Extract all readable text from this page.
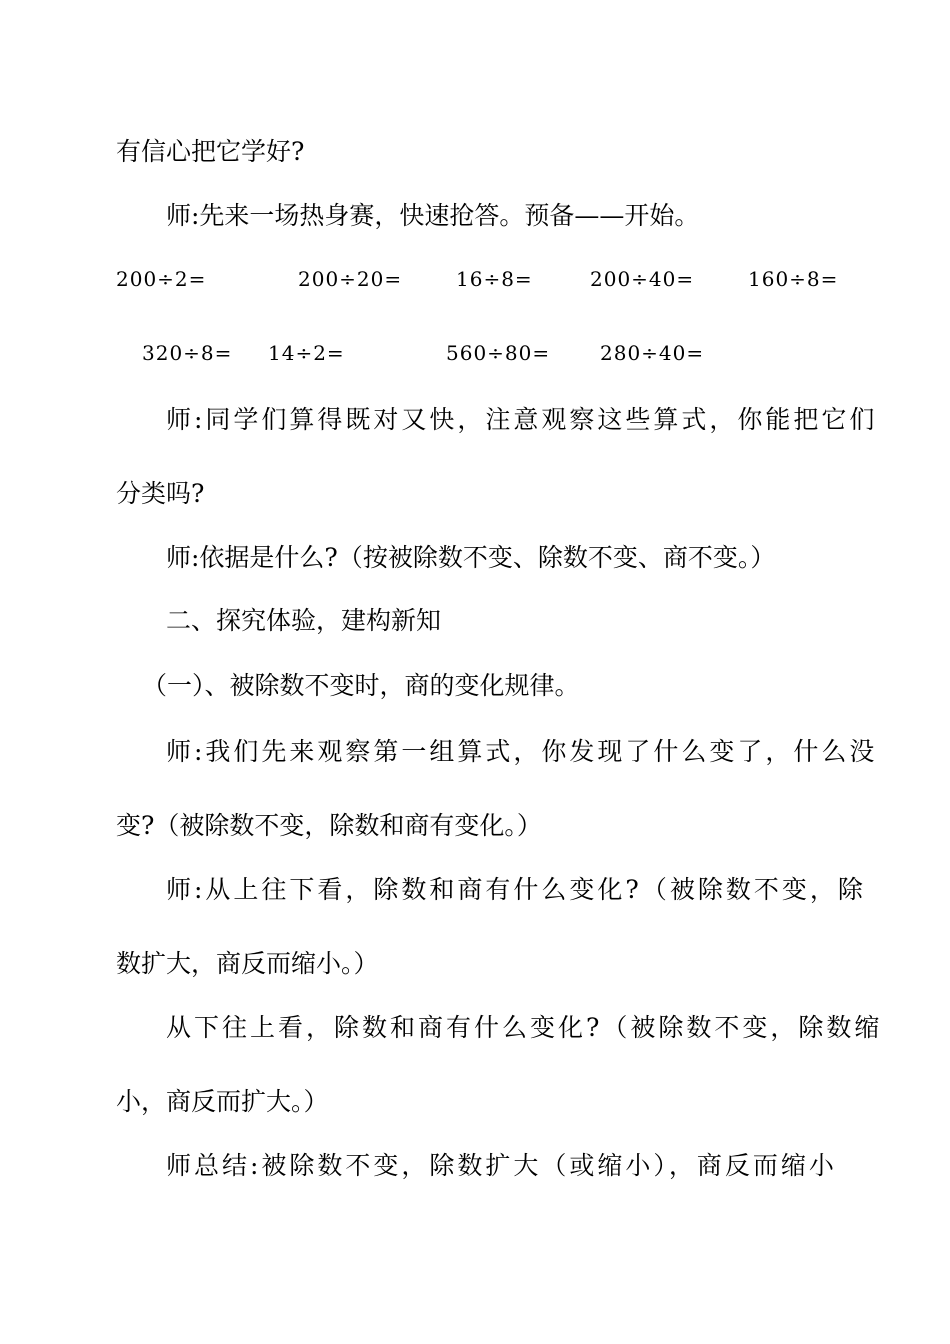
有信心把它学好?

师:先来一场热身赛，快速抢答。预备——开始。

200÷2=	200÷20=	16÷8=	200÷40=	160÷8=
320÷8= 14÷2=	560÷80= 280÷40=

师:同学们算得既对又快，注意观察这些算式，你能把它们

分类吗?

师:依据是什么?（按被除数不变、除数不变、商不变。）

二、探究体验，建构新知

（一）、被除数不变时，商的变化规律。

师:我们先来观察第一组算式，你发现了什么变了，什么没

变?（被除数不变，除数和商有变化。）

师:从上往下看，除数和商有什么变化?（被除数不变，除

数扩大，商反而缩小。）

从下往上看，除数和商有什么变化?（被除数不变，除数缩

小，商反而扩大。）

师总结:被除数不变，除数扩大（或缩小），商反而缩小
